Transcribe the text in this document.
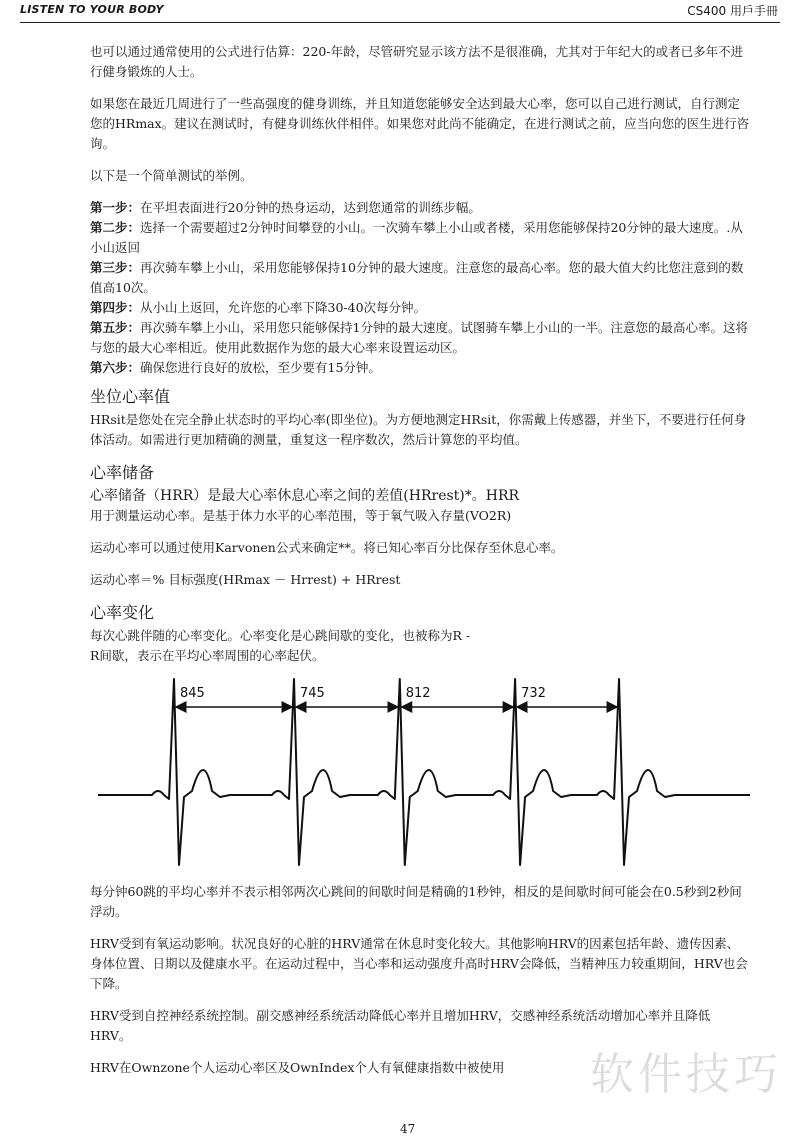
LISTEN TO YOUR BODY	CS400 用戶手冊

也可以通过通常使用的公式进行估算：220-年龄，尽管研究显示该方法不是很准确，尤其对于年纪大的或者已多年不进行健身锻炼的人士。

如果您在最近几周进行了一些高强度的健身训练，并且知道您能够安全达到最大心率，您可以自己进行测试，自行测定您的HRmax。建议在测试时，有健身训练伙伴相伴。如果您对此尚不能确定，在进行测试之前，应当向您的医生进行咨询。

以下是一个简单测试的举例。

第一步：在平坦表面进行20分钟的热身运动，达到您通常的训练步幅。

第二步：选择一个需要超过2分钟时间攀登的小山。一次骑车攀上小山或者楼，采用您能够保持20分钟的最大速度。.从小山返回

第三步：再次骑车攀上小山，采用您能够保持10分钟的最大速度。注意您的最高心率。您的最大值大约比您注意到的数值高10次。

第四步：从小山上返回，允许您的心率下降30-40次每分钟。

第五步：再次骑车攀上小山，采用您只能够保持1分钟的最大速度。试图骑车攀上小山的一半。注意您的最高心率。这将与您的最大心率相近。使用此数据作为您的最大心率来设置运动区。

第六步：确保您进行良好的放松，至少要有15分钟。

坐位心率值

HRsit是您处在完全静止状态时的平均心率(即坐位)。为方便地测定HRsit，你需戴上传感器，并坐下，不要进行任何身体活动。如需进行更加精确的测量，重复这一程序数次，然后计算您的平均值。

心率储备

心率储备（HRR）是最大心率休息心率之间的差值(HRrest)*。HRR

用于测量运动心率。是基于体力水平的心率范围，等于氧气吸入存量(VO2R)

运动心率可以通过使用Karvonen公式来确定**。将已知心率百分比保存至休息心率。

运动心率＝% 目标强度(HRmax － Hrrest) + HRrest

心率变化

每次心跳伴随的心率变化。心率变化是心跳间歇的变化，也被称为R -

R间歇，表示在平均心率周围的心率起伏。

845	745	812	732

每分钟60跳的平均心率并不表示相邻两次心跳间的间歇时间是精确的1秒钟，相反的是间歇时间可能会在0.5秒到2秒间浮动。

HRV受到有氧运动影响。状况良好的心脏的HRV通常在休息时变化较大。其他影响HRV的因素包括年龄、遗传因素、身体位置、日期以及健康水平。在运动过程中，当心率和运动强度升高时HRV会降低，当精神压力较重期间，HRV也会下降。

HRV受到自控神经系统控制。副交感神经系统活动降低心率并且增加HRV，交感神经系统活动增加心率并且降低HRV。

HRV在Ownzone个人运动心率区及OwnIndex个人有氧健康指数中被使用	软件技巧
47
